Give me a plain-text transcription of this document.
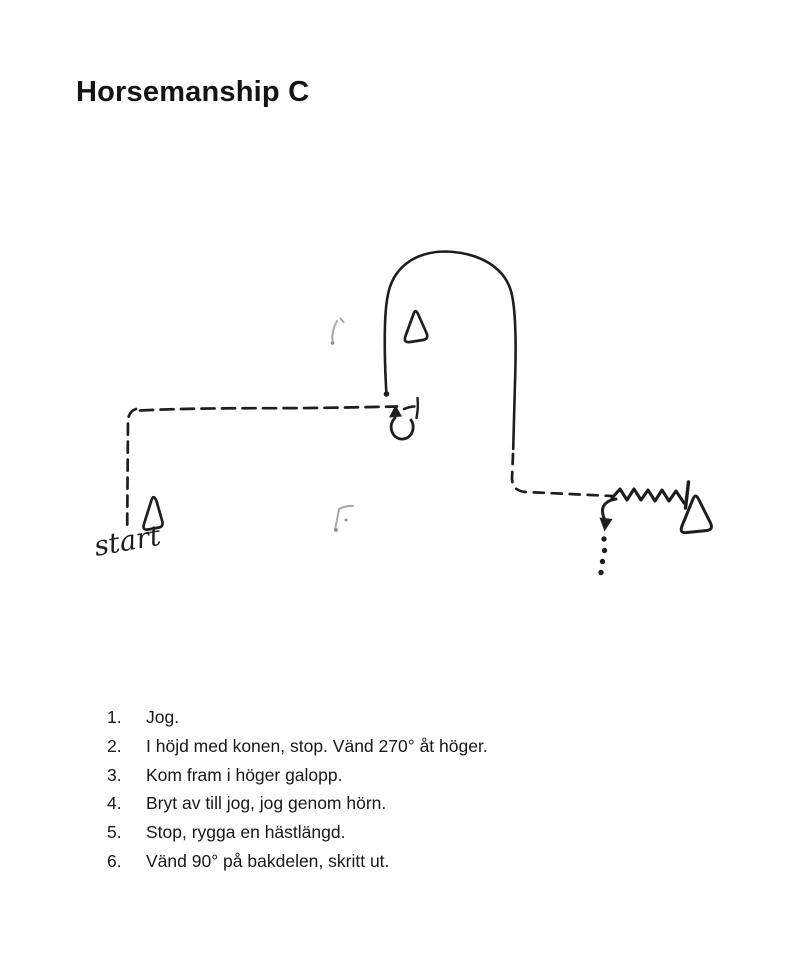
Horsemanship C
start
1.	Jog.
2.	I höjd med konen, stop. Vänd 270° åt höger.
3.	Kom fram i höger galopp.
4.	Bryt av till jog, jog genom hörn.
5.	Stop, rygga en hästlängd.
6.	Vänd 90° på bakdelen, skritt ut.
